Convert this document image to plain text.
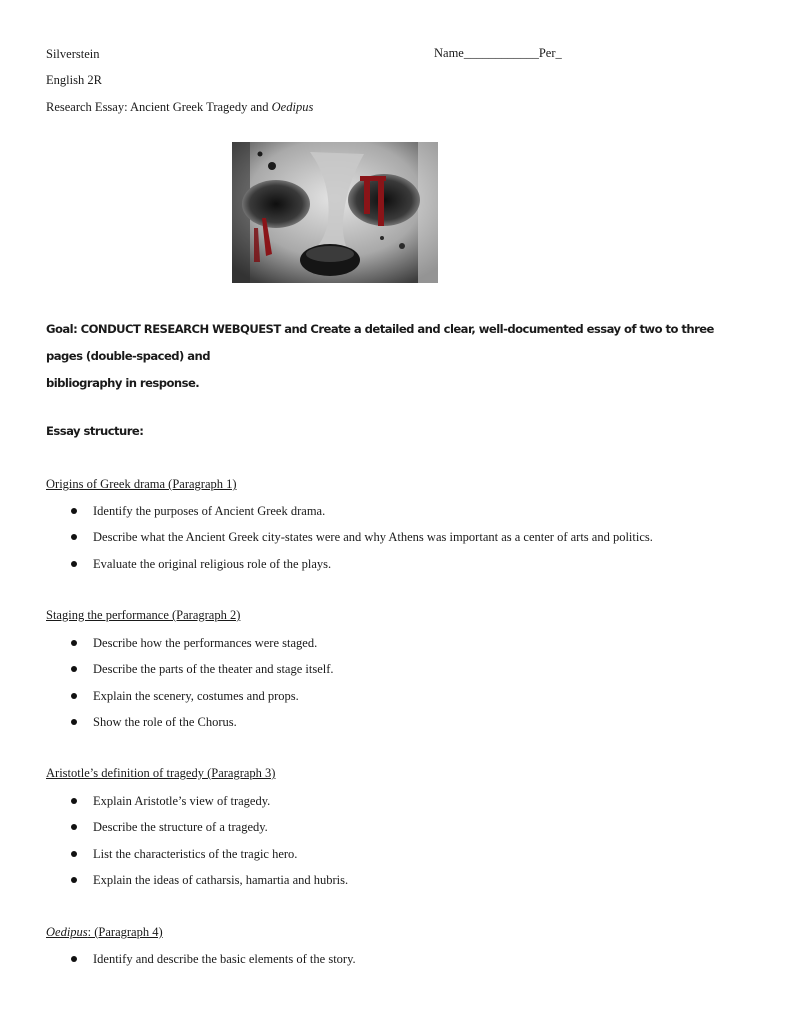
Silverstein	Name____________Per_
English 2R
Research Essay: Ancient Greek Tragedy and Oedipus
Goal: CONDUCT RESEARCH WEBQUEST and Create a detailed and clear, well-documented essay of two to three pages (double-spaced) and
bibliography in response.
Essay structure:
Origins of Greek drama (Paragraph 1)
Identify the purposes of Ancient Greek drama.
Describe what the Ancient Greek city-states were and why Athens was important as a center of arts and politics.
Evaluate the original religious role of the plays.
Staging the performance (Paragraph 2)
Describe how the performances were staged.
Describe the parts of the theater and stage itself.
Explain the scenery, costumes and props.
Show the role of the Chorus.
Aristotle’s definition of tragedy (Paragraph 3)
Explain Aristotle’s view of tragedy.
Describe the structure of a tragedy.
List the characteristics of the tragic hero.
Explain the ideas of catharsis, hamartia and hubris.
Oedipus: (Paragraph 4)
Identify and describe the basic elements of the story.
